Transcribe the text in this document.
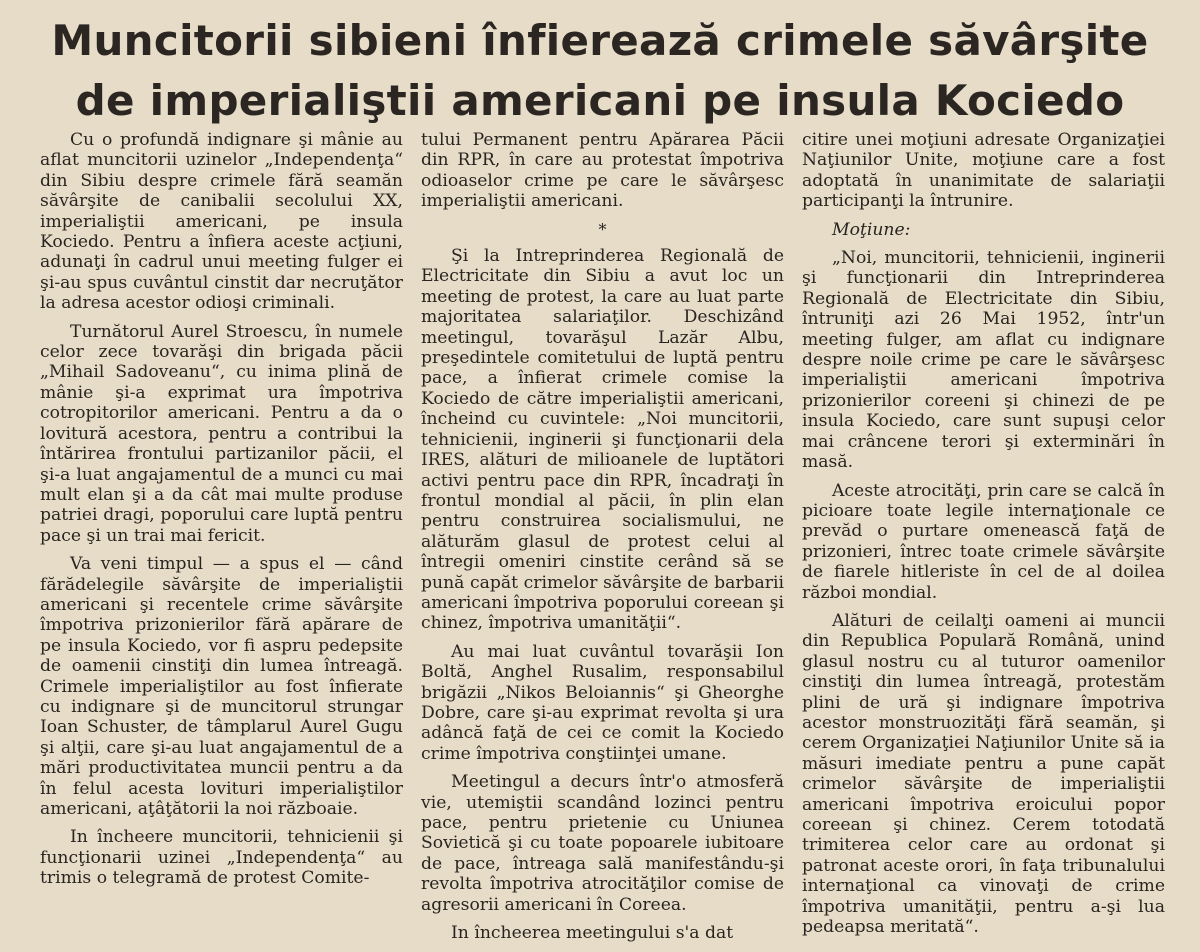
Muncitorii sibieni înfierează crimele săvârşite
de imperialiştii americani pe insula Kociedo

Cu o profundă indignare şi mânie au aflat muncitorii uzinelor „Independenţa“ din Sibiu despre crimele fără seamăn săvârşite de canibalii secolului XX, imperialiştii americani, pe insula Kociedo. Pentru a înfiera aceste acţiuni, adunaţi în cadrul unui meeting fulger ei şi-au spus cuvântul cinstit dar necruţător la adresa acestor odioşi criminali.

Turnătorul Aurel Stroescu, în numele celor zece tovarăşi din brigada păcii „Mihail Sadoveanu“, cu inima plină de mânie şi-a exprimat ura împotriva cotropitorilor americani. Pentru a da o lovitură acestora, pentru a contribui la întărirea frontului partizanilor păcii, el şi-a luat angajamentul de a munci cu mai mult elan şi a da cât mai multe produse patriei dragi, poporului care luptă pentru pace şi un trai mai fericit.

Va veni timpul — a spus el — când fărădelegile săvârşite de imperialiştii americani şi recentele crime săvârşite împotriva prizonierilor fără apărare de pe insula Kociedo, vor fi aspru pedepsite de oamenii cinstiţi din lumea întreagă. Crimele imperialiştilor au fost înfierate cu indignare şi de muncitorul strungar Ioan Schuster, de tâmplarul Aurel Gugu şi alţii, care şi-au luat angajamentul de a mări productivitatea muncii pentru a da în felul acesta lovituri imperialiştilor americani, aţâţătorii la noi războaie.

In încheere muncitorii, tehnicienii şi funcţionarii uzinei „Independenţa“ au trimis o telegramă de protest Comite-

tului Permanent pentru Apărarea Păcii din RPR, în care au protestat împotriva odioaselor crime pe care le săvârşesc imperialiştii americani.

*

Şi la Intreprinderea Regională de Electricitate din Sibiu a avut loc un meeting de protest, la care au luat parte majoritatea salariaţilor. Deschizând meetingul, tovarăşul Lazăr Albu, preşedintele comitetului de luptă pentru pace, a înfierat crimele comise la Kociedo de către imperialiştii americani, încheind cu cuvintele: „Noi muncitorii, tehnicienii, inginerii şi funcţionarii dela IRES, alături de milioanele de luptători activi pentru pace din RPR, încadraţi în frontul mondial al păcii, în plin elan pentru construirea socialismului, ne alăturăm glasul de protest celui al întregii omeniri cinstite cerând să se pună capăt crimelor săvârşite de barbarii americani împotriva poporului coreean şi chinez, împotriva umanităţii“.

Au mai luat cuvântul tovarăşii Ion Boltă, Anghel Rusalim, responsabilul brigăzii „Nikos Beloiannis“ şi Gheorghe Dobre, care şi-au exprimat revolta şi ura adâncă faţă de cei ce comit la Kociedo crime împotriva conştiinţei umane.

Meetingul a decurs într'o atmosferă vie, utemiştii scandând lozinci pentru pace, pentru prietenie cu Uniunea Sovietică şi cu toate popoarele iubitoare de pace, întreaga sală manifestându-şi revolta împotriva atrocităţilor comise de agresorii americani în Coreea.

In încheerea meetingului s'a dat

citire unei moţiuni adresate Organizaţiei Naţiunilor Unite, moţiune care a fost adoptată în unanimitate de salariaţii participanţi la întrunire.

Moţiune:

„Noi, muncitorii, tehnicienii, inginerii şi funcţionarii din Intreprinderea Regională de Electricitate din Sibiu, întruniţi azi 26 Mai 1952, într'un meeting fulger, am aflat cu indignare despre noile crime pe care le săvârşesc imperialiştii americani împotriva prizonierilor coreeni şi chinezi de pe insula Kociedo, care sunt supuşi celor mai crâncene terori şi exterminări în masă.

Aceste atrocităţi, prin care se calcă în picioare toate legile internaţionale ce prevăd o purtare omenească faţă de prizonieri, întrec toate crimele săvârşite de fiarele hitleriste în cel de al doilea război mondial.

Alături de ceilalţi oameni ai muncii din Republica Populară Română, unind glasul nostru cu al tuturor oamenilor cinstiţi din lumea întreagă, protestăm plini de ură şi indignare împotriva acestor monstruozităţi fără seamăn, şi cerem Organizaţiei Naţiunilor Unite să ia măsuri imediate pentru a pune capăt crimelor săvârşite de imperialiştii americani împotriva eroicului popor coreean şi chinez. Cerem totodată trimiterea celor care au ordonat şi patronat aceste orori, în faţa tribunalului internaţional ca vinovaţi de crime împotriva umanităţii, pentru a-şi lua pedeapsa meritată“.
